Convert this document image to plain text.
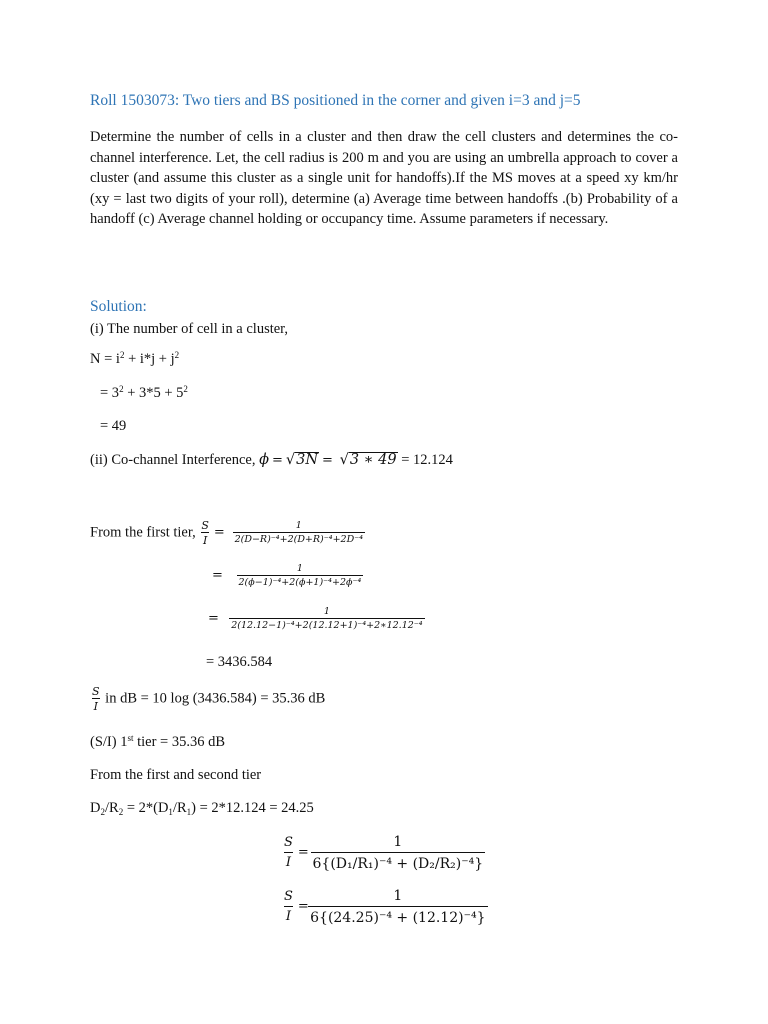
Roll 1503073: Two tiers and BS positioned in the corner and given i=3 and j=5
Determine the number of cells in a cluster and then draw the cell clusters and determines the co-channel interference. Let, the cell radius is 200 m and you are using an umbrella approach to cover a cluster (and assume this cluster as a single unit for handoffs).If the MS moves at a speed xy km/hr (xy = last two digits of your roll), determine (a) Average time between handoffs .(b) Probability of a handoff (c) Average channel holding or occupancy time. Assume parameters if necessary.
Solution:
(i) The number of cell in a cluster,
$N = i^2 + i*j + j^2$
= $3^2 + 3*5 + 5^2$
= 49
(ii) Co-channel Interference, ϕ = √3N = √3 ∗ 49 = 12.124
From the first tier, $\frac{S}{I} = \frac{1}{\text{2(D−R)⁻⁴+2(D+R)⁻⁴+2D⁻⁴}}$
= $\frac{1}{\text{2(ϕ−1)⁻⁴+2(ϕ+1)⁻⁴+2ϕ⁻⁴}}$
= $\frac{1}{\text{2(12.12−1)⁻⁴+2(12.12+1)⁻⁴+2∗12.12⁻⁴}}$
= 3436.584
$\frac{S}{I}$ in dB = 10 log (3436.584) = 35.36 dB
(S/I) 1st tier = 35.36 dB
From the first and second tier
$D_2/R_2 = 2*(D_1/R_1) = 2*12.124 = 24.25$
$\frac{S}{I} = \frac{1}{\text{6\{(D₁/R₁)⁻⁴ + (D₂/R₂)⁻⁴\}}}$
$\frac{S}{I} = \frac{1}{\text{6\{(24.25)⁻⁴ + (12.12)⁻⁴\}}}$
